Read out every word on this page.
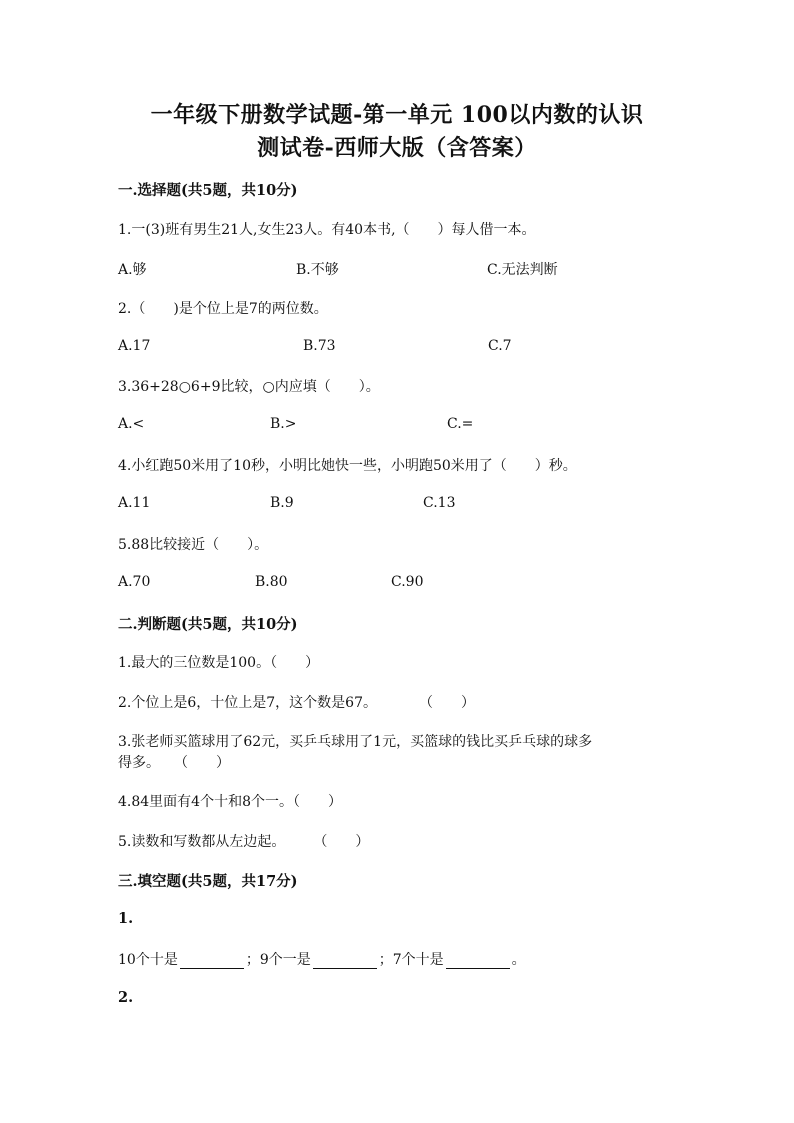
一年级下册数学试题-第一单元 100以内数的认识
测试卷-西师大版（含答案）
一.选择题(共5题，共10分)
1.一(3)班有男生21人,女生23人。有40本书,（　　）每人借一本。
A.够	B.不够	C.无法判断
2.（　　)是个位上是7的两位数。
A.17	B.73	C.7
3.36+28○6+9比较，○内应填（　　）。
A.<	B.>	C.=
4.小红跑50米用了10秒，小明比她快一些，小明跑50米用了（　　）秒。
A.11	B.9	C.13
5.88比较接近（　　）。
A.70	B.80	C.90
二.判断题(共5题，共10分)
1.最大的三位数是100。（　　）
2.个位上是6，十位上是7，这个数是67。　　　　（　　）
3.张老师买篮球用了62元，买乒乓球用了1元，买篮球的钱比买乒乓球的球多
得多。　　（　　）
4.84里面有4个十和8个一。（　　）
5.读数和写数都从左边起。　　　（　　）
三.填空题(共5题，共17分)
1.
10个十是	；9个一是	；7个十是	。
2.
